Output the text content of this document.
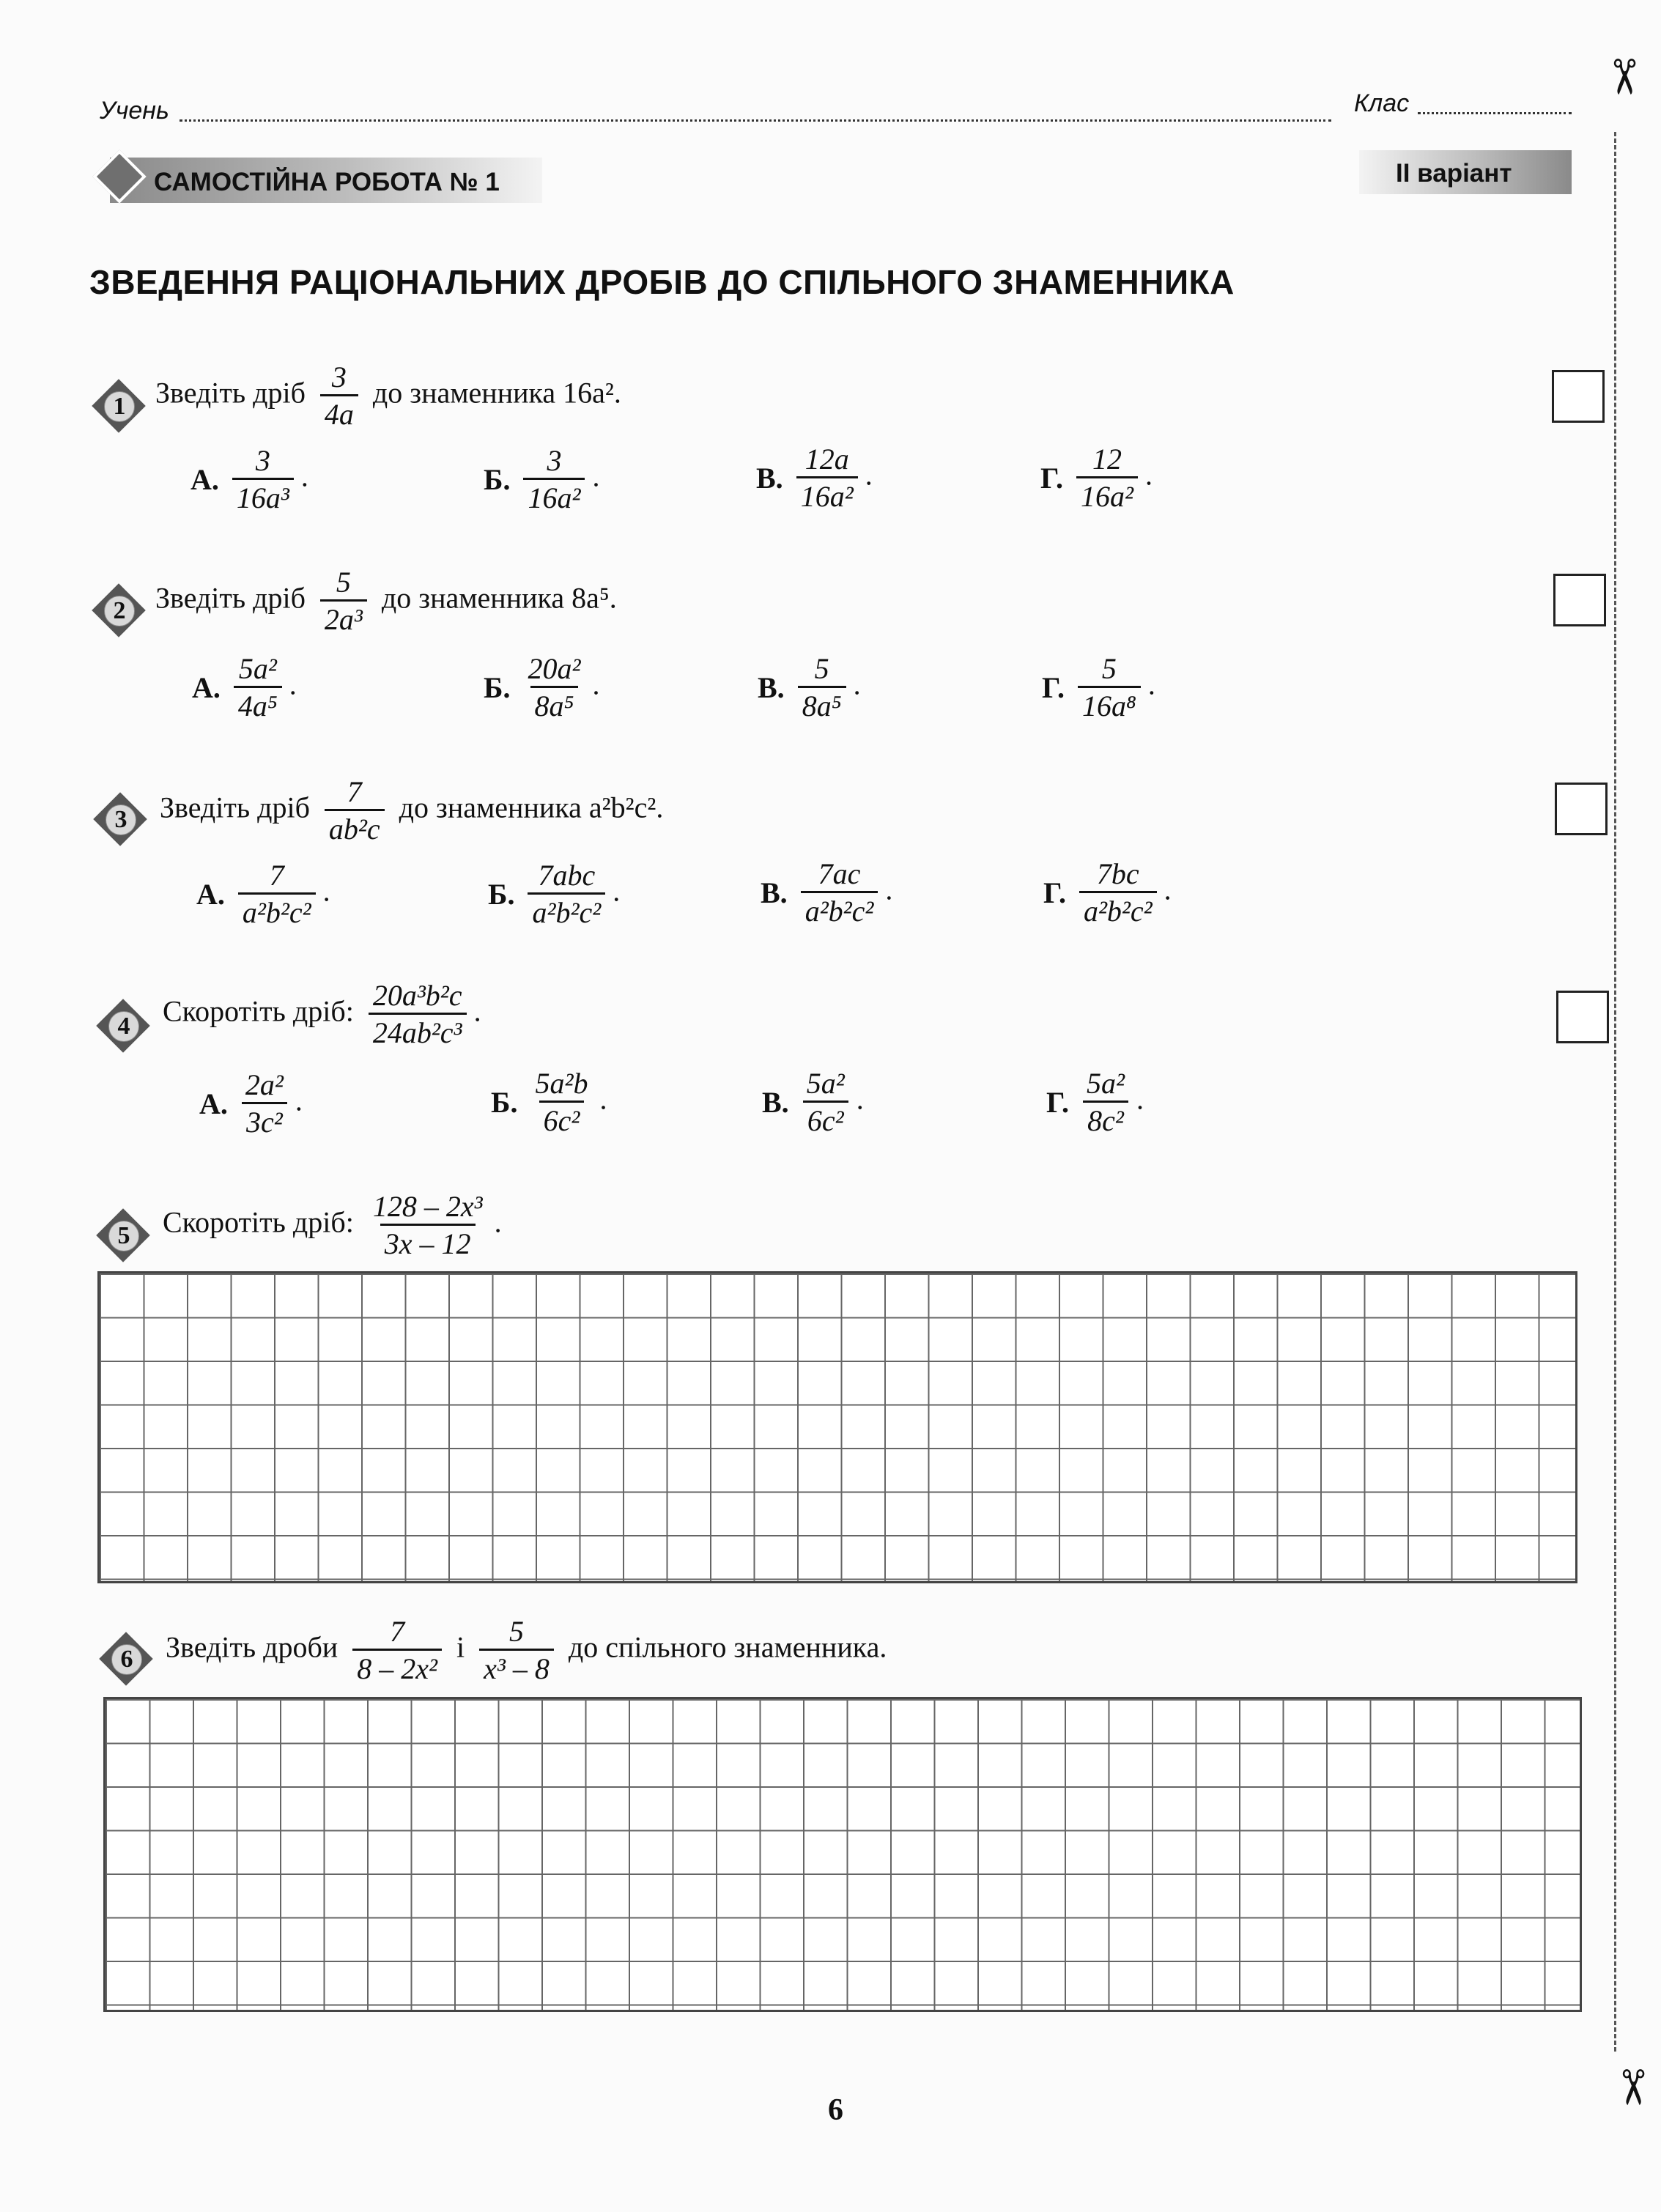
✂
✂
Учень	Клас
САМОСТІЙНА РОБОТА № 1	ІІ варіант
ЗВЕДЕННЯ РАЦІОНАЛЬНИХ ДРОБІВ ДО СПІЛЬНОГО ЗНАМЕННИКА
1	Зведіть дріб $\frac{3}{4a}$ до знаменника 16a².
А. $\frac{3}{\text{16a³}}$ .	Б. $\frac{3}{\text{16a²}}$ .	В. $\frac{12a}{\text{16a²}}$ .	Г. $\frac{12}{\text{16a²}}$ .
2	Зведіть дріб $\frac{5}{\text{2a³}}$ до знаменника 8a⁵.
А. $\frac{\text{5a²}}{\text{4a⁵}}$ .	Б. $\frac{\text{20a²}}{\text{8a⁵}}$ .	В. $\frac{5}{\text{8a⁵}}$ .	Г. $\frac{5}{\text{16a⁸}}$ .
3	Зведіть дріб $\frac{7}{\text{ab²c}}$ до знаменника a²b²c².
А. $\frac{7}{\text{a²b²c²}}$ .	Б. $\frac{\text{7abc}}{\text{a²b²c²}}$ .	В. $\frac{7ac}{\text{a²b²c²}}$ .	Г. $\frac{7bc}{\text{a²b²c²}}$ .
4	Скоротіть дріб: $\frac{\text{20a³b²c}}{\text{24ab²c³}}$ .
А. $\frac{\text{2a²}}{\text{3c²}}$ .	Б. $\frac{\text{5a²b}}{\text{6c²}}$ .	В. $\frac{\text{5a²}}{\text{6c²}}$ .	Г. $\frac{\text{5a²}}{\text{8c²}}$ .
5	Скоротіть дріб: $\frac{\text{128 – 2x³}}{3x - 12}$ .
6	Зведіть дроби $\frac{7}{\text{8 – 2x²}}$ і $\frac{5}{\text{x³ – 8}}$ до спільного знаменника.
6
